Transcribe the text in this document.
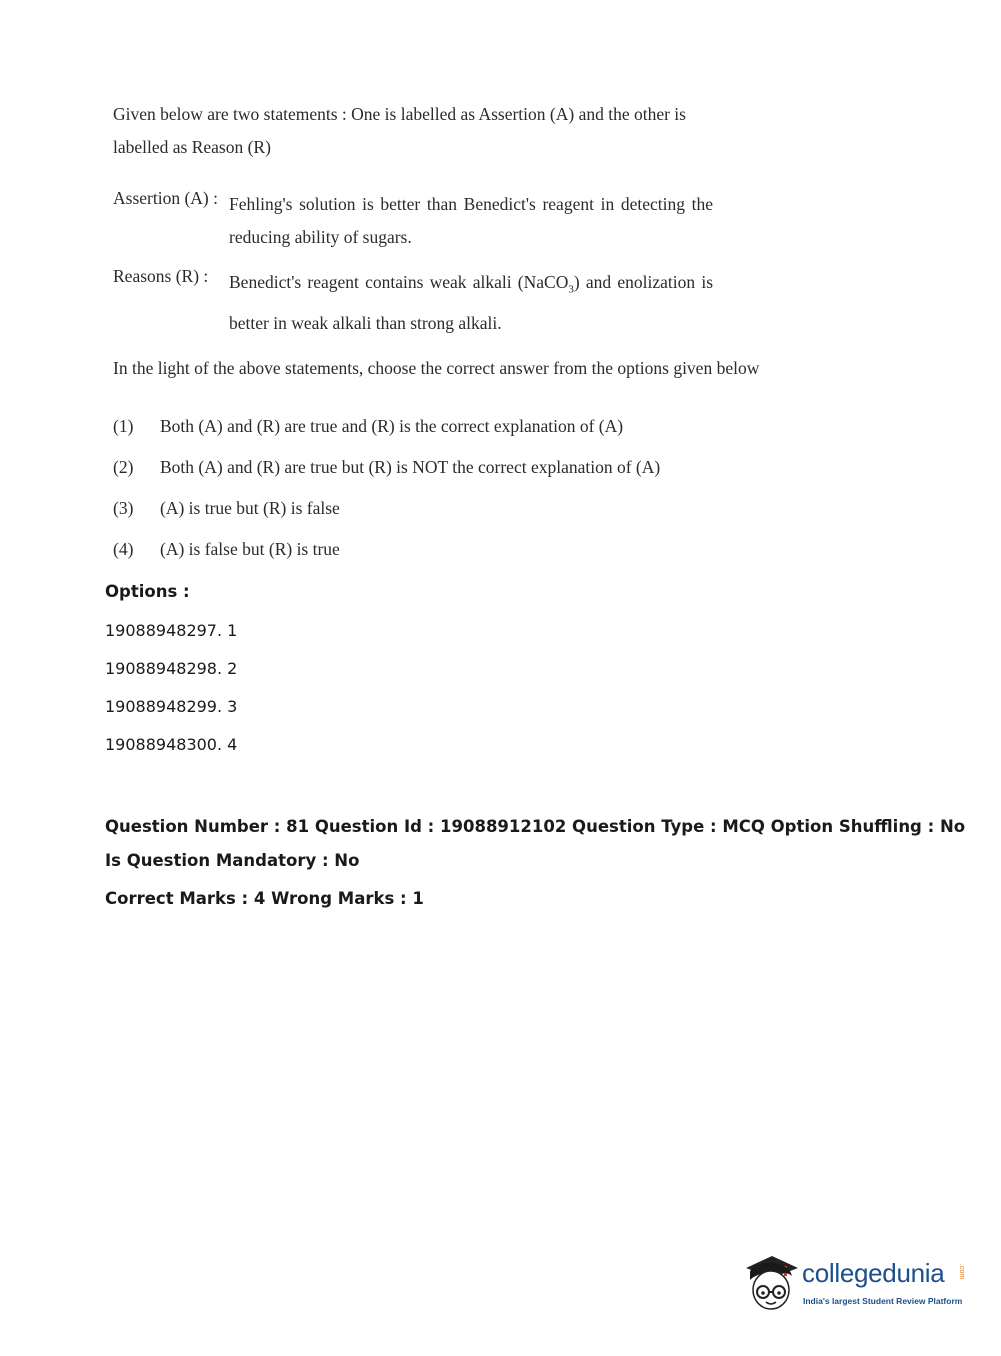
Given below are two statements : One is labelled as Assertion (A) and the other is labelled as Reason (R)
Assertion (A) : Fehling's solution is better than Benedict's reagent in detecting the reducing ability of sugars.
Reasons (R) : Benedict's reagent contains weak alkali (NaCO$_3$) and enolization is better in weak alkali than strong alkali.
In the light of the above statements, choose the correct answer from the options given below
(1) Both (A) and (R) are true and (R) is the correct explanation of (A)
(2) Both (A) and (R) are true but (R) is NOT the correct explanation of (A)
(3) (A) is true but (R) is false
(4) (A) is false but (R) is true
Options :
19088948297. 1
19088948298. 2
19088948299. 3
19088948300. 4
Question Number : 81 Question Id : 19088912102 Question Type : MCQ Option Shuffling : No
Is Question Mandatory : No
Correct Marks : 4 Wrong Marks : 1
collegedunia .com
India's largest Student Review Platform
